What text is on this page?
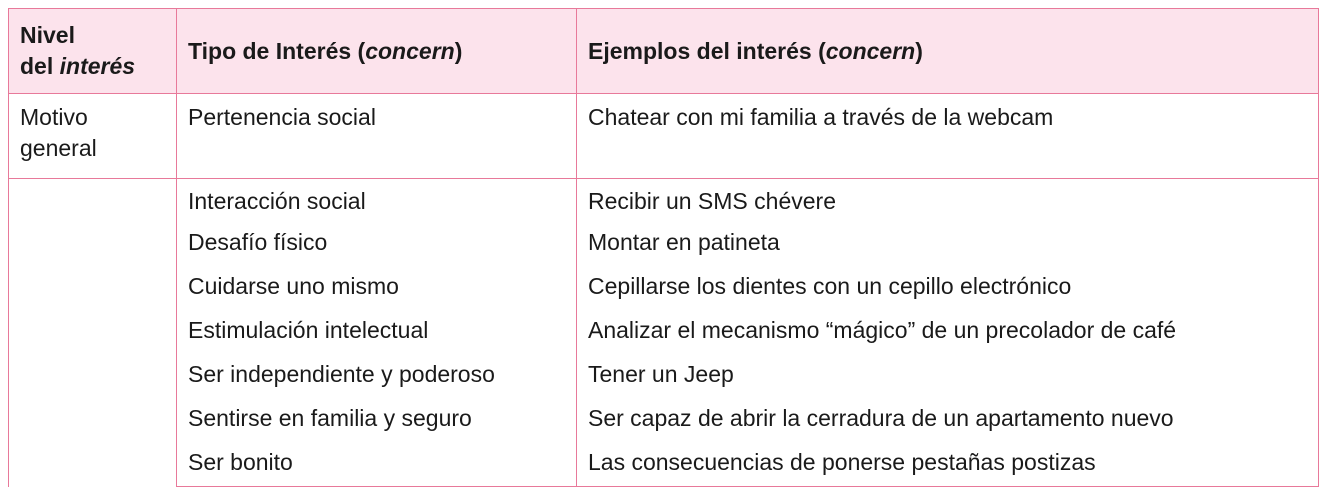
Nivel
del interés	Tipo de Interés (concern)	Ejemplos del interés (concern)

Motivo
general	Pertenencia social	Chatear con mi familia a través de la webcam
	Interacción social	Recibir un SMS chévere
	Desafío físico	Montar en patineta
	Cuidarse uno mismo	Cepillarse los dientes con un cepillo electrónico
	Estimulación intelectual	Analizar el mecanismo “mágico” de un precolador de café
	Ser independiente y poderoso	Tener un Jeep
	Sentirse en familia y seguro	Ser capaz de abrir la cerradura de un apartamento nuevo
	Ser bonito	Las consecuencias de ponerse pestañas postizas
